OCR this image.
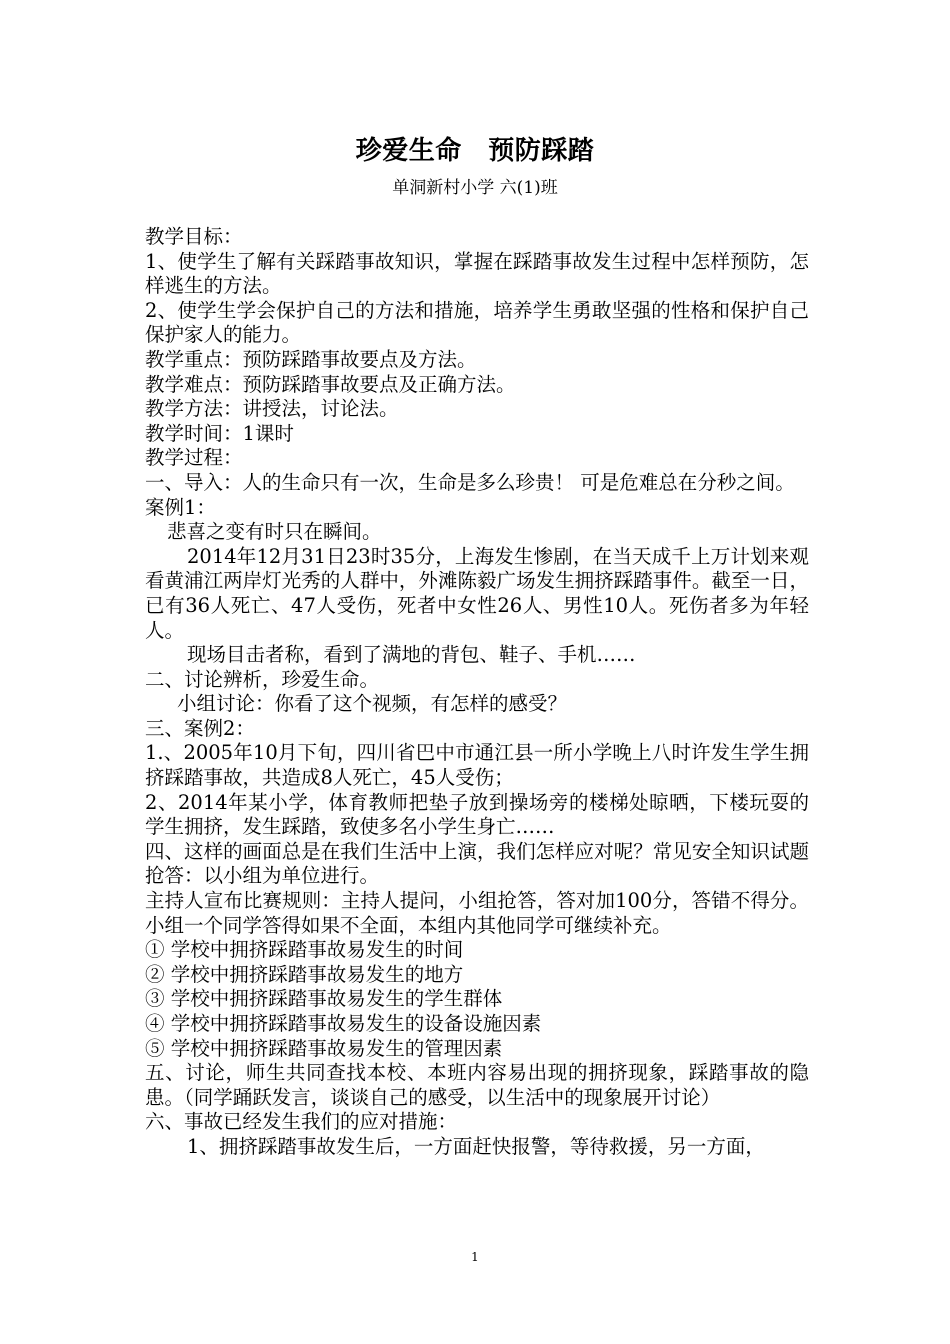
珍爱生命　预防踩踏
单洞新村小学 六(1)班

教学目标：

1、使学生了解有关踩踏事故知识，掌握在踩踏事故发生过程中怎样预防，怎样逃生的方法。

2、使学生学会保护自己的方法和措施，培养学生勇敢坚强的性格和保护自己保护家人的能力。

教学重点：预防踩踏事故要点及方法。

教学难点：预防踩踏事故要点及正确方法。

教学方法：讲授法，讨论法。

教学时间：1课时

教学过程：

一、导入：人的生命只有一次，生命是多么珍贵！ 可是危难总在分秒之间。

案例1：

悲喜之变有时只在瞬间。

2014年12月31日23时35分，上海发生惨剧，在当天成千上万计划来观看黄浦江两岸灯光秀的人群中，外滩陈毅广场发生拥挤踩踏事件。截至一日，已有36人死亡、47人受伤，死者中女性26人、男性10人。死伤者多为年轻人。

现场目击者称，看到了满地的背包、鞋子、手机……

二、讨论辨析，珍爱生命。

小组讨论：你看了这个视频，有怎样的感受？

三、案例2：

1.、2005年10月下旬，四川省巴中市通江县一所小学晚上八时许发生学生拥挤踩踏事故，共造成8人死亡，45人受伤；

2、2014年某小学，体育教师把垫子放到操场旁的楼梯处晾晒，下楼玩耍的学生拥挤，发生踩踏，致使多名小学生身亡……

四、这样的画面总是在我们生活中上演，我们怎样应对呢？常见安全知识试题抢答：以小组为单位进行。

主持人宣布比赛规则：主持人提问，小组抢答，答对加100分，答错不得分。小组一个同学答得如果不全面，本组内其他同学可继续补充。

① 学校中拥挤踩踏事故易发生的时间

② 学校中拥挤踩踏事故易发生的地方

③ 学校中拥挤踩踏事故易发生的学生群体

④ 学校中拥挤踩踏事故易发生的设备设施因素

⑤ 学校中拥挤踩踏事故易发生的管理因素

五、讨论，师生共同查找本校、本班内容易出现的拥挤现象，踩踏事故的隐患。（同学踊跃发言，谈谈自己的感受，以生活中的现象展开讨论）

六、事故已经发生我们的应对措施：

1、拥挤踩踏事故发生后，一方面赶快报警，等待救援，另一方面，

1
